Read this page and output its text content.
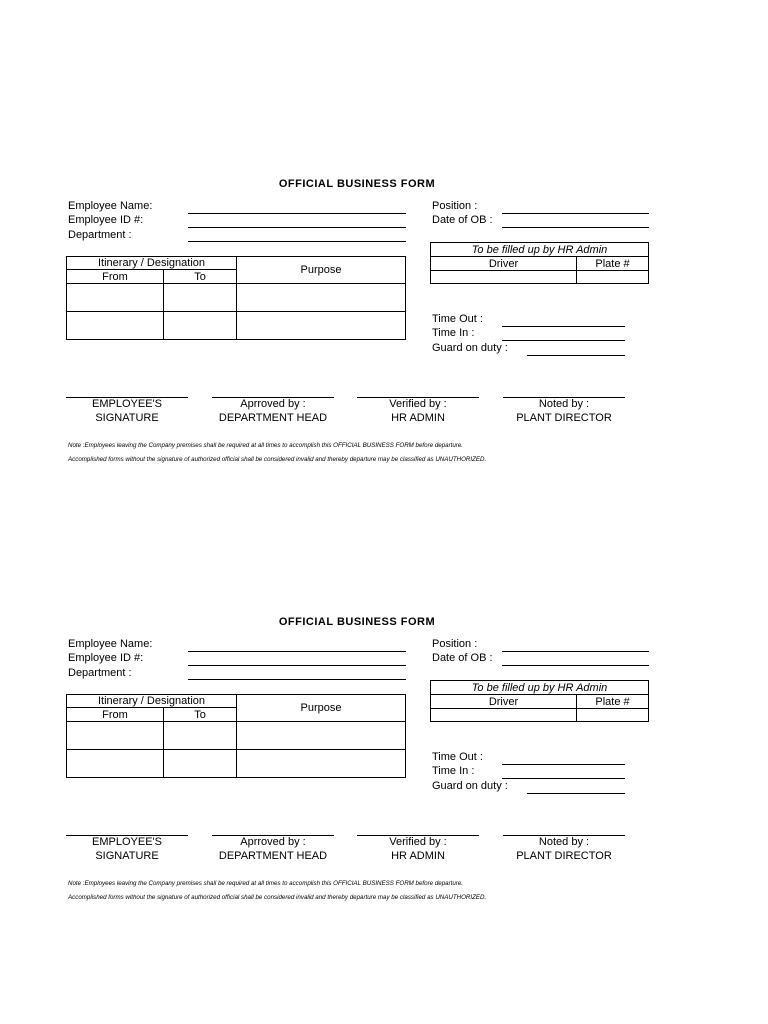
OFFICIAL BUSINESS FORM
Employee Name:
Employee ID #:
Department :
Position :
Date of OB :
Itinerary / Designation		Purpose
From	To	

To be filled up by HR Admin	
Driver	Plate #

Time Out :
Time In :
Guard on duty :
EMPLOYEE'S
SIGNATURE
Aprroved by :
DEPARTMENT HEAD
Verified by :
HR ADMIN
Noted by :
PLANT DIRECTOR
Note :Employees leaving the Company premises shall be required at all times to accomplish this OFFICIAL BUSINESS FORM before departure.
Accomplished forms without the signature of authorized official shall be considered invalid and thereby departure may be classified as UNAUTHORIZED.
OFFICIAL BUSINESS FORM
Employee Name:
Employee ID #:
Department :
Position :
Date of OB :
Itinerary / Designation		Purpose
From	To	

To be filled up by HR Admin	
Driver	Plate #

Time Out :
Time In :
Guard on duty :
EMPLOYEE'S
SIGNATURE
Aprroved by :
DEPARTMENT HEAD
Verified by :
HR ADMIN
Noted by :
PLANT DIRECTOR
Note :Employees leaving the Company premises shall be required at all times to accomplish this OFFICIAL BUSINESS FORM before departure.
Accomplished forms without the signature of authorized official shall be considered invalid and thereby departure may be classified as UNAUTHORIZED.
